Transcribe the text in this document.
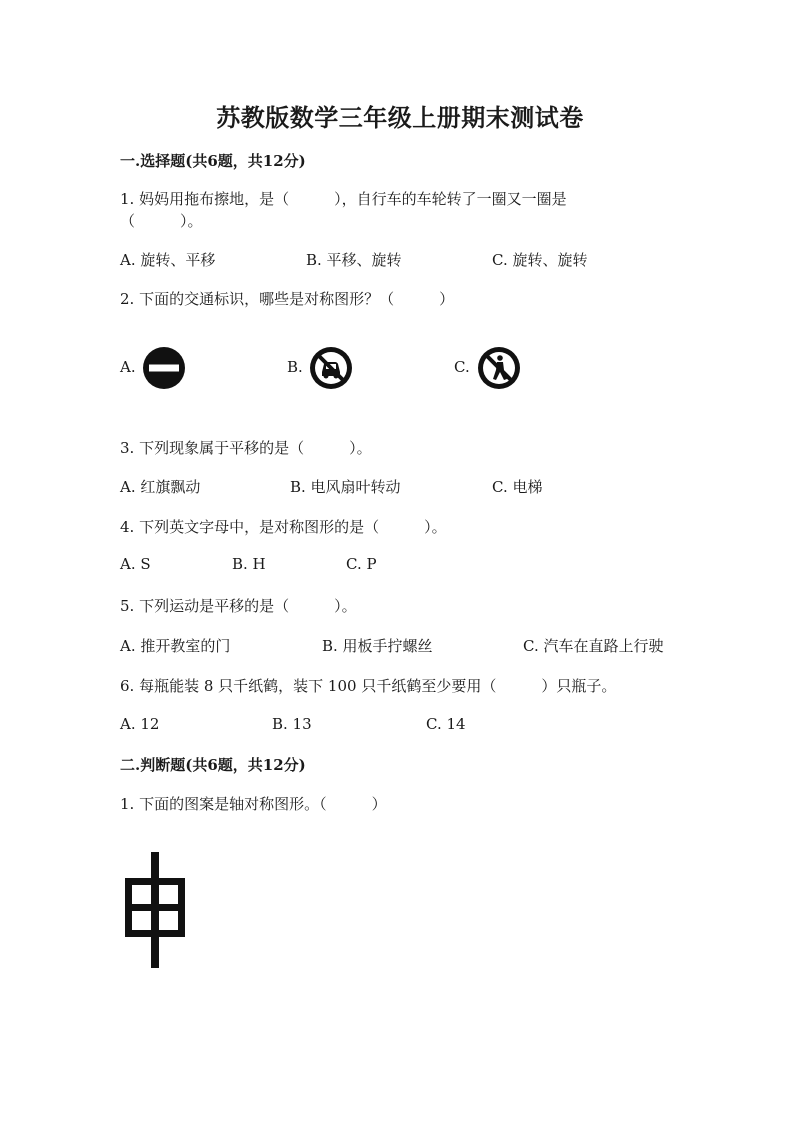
苏教版数学三年级上册期末测试卷
一.选择题(共6题，共12分)
1. 妈妈用拖布擦地，是（　　　），自行车的车轮转了一圈又一圈是
（　　　）。
A. 旋转、平移	B. 平移、旋转	C. 旋转、旋转
2. 下面的交通标识，哪些是对称图形？（　　　）
A.	B.	C.
3. 下列现象属于平移的是（　　　）。
A. 红旗飘动	B. 电风扇叶转动	C. 电梯
4. 下列英文字母中，是对称图形的是（　　　）。
A. S	B. H	C. P
5. 下列运动是平移的是（　　　）。
A. 推开教室的门	B. 用板手拧螺丝	C. 汽车在直路上行驶
6. 每瓶能装 8 只千纸鹤，装下 100 只千纸鹤至少要用（　　　）只瓶子。
A. 12	B. 13	C. 14
二.判断题(共6题，共12分)
1. 下面的图案是轴对称图形。（　　　）
